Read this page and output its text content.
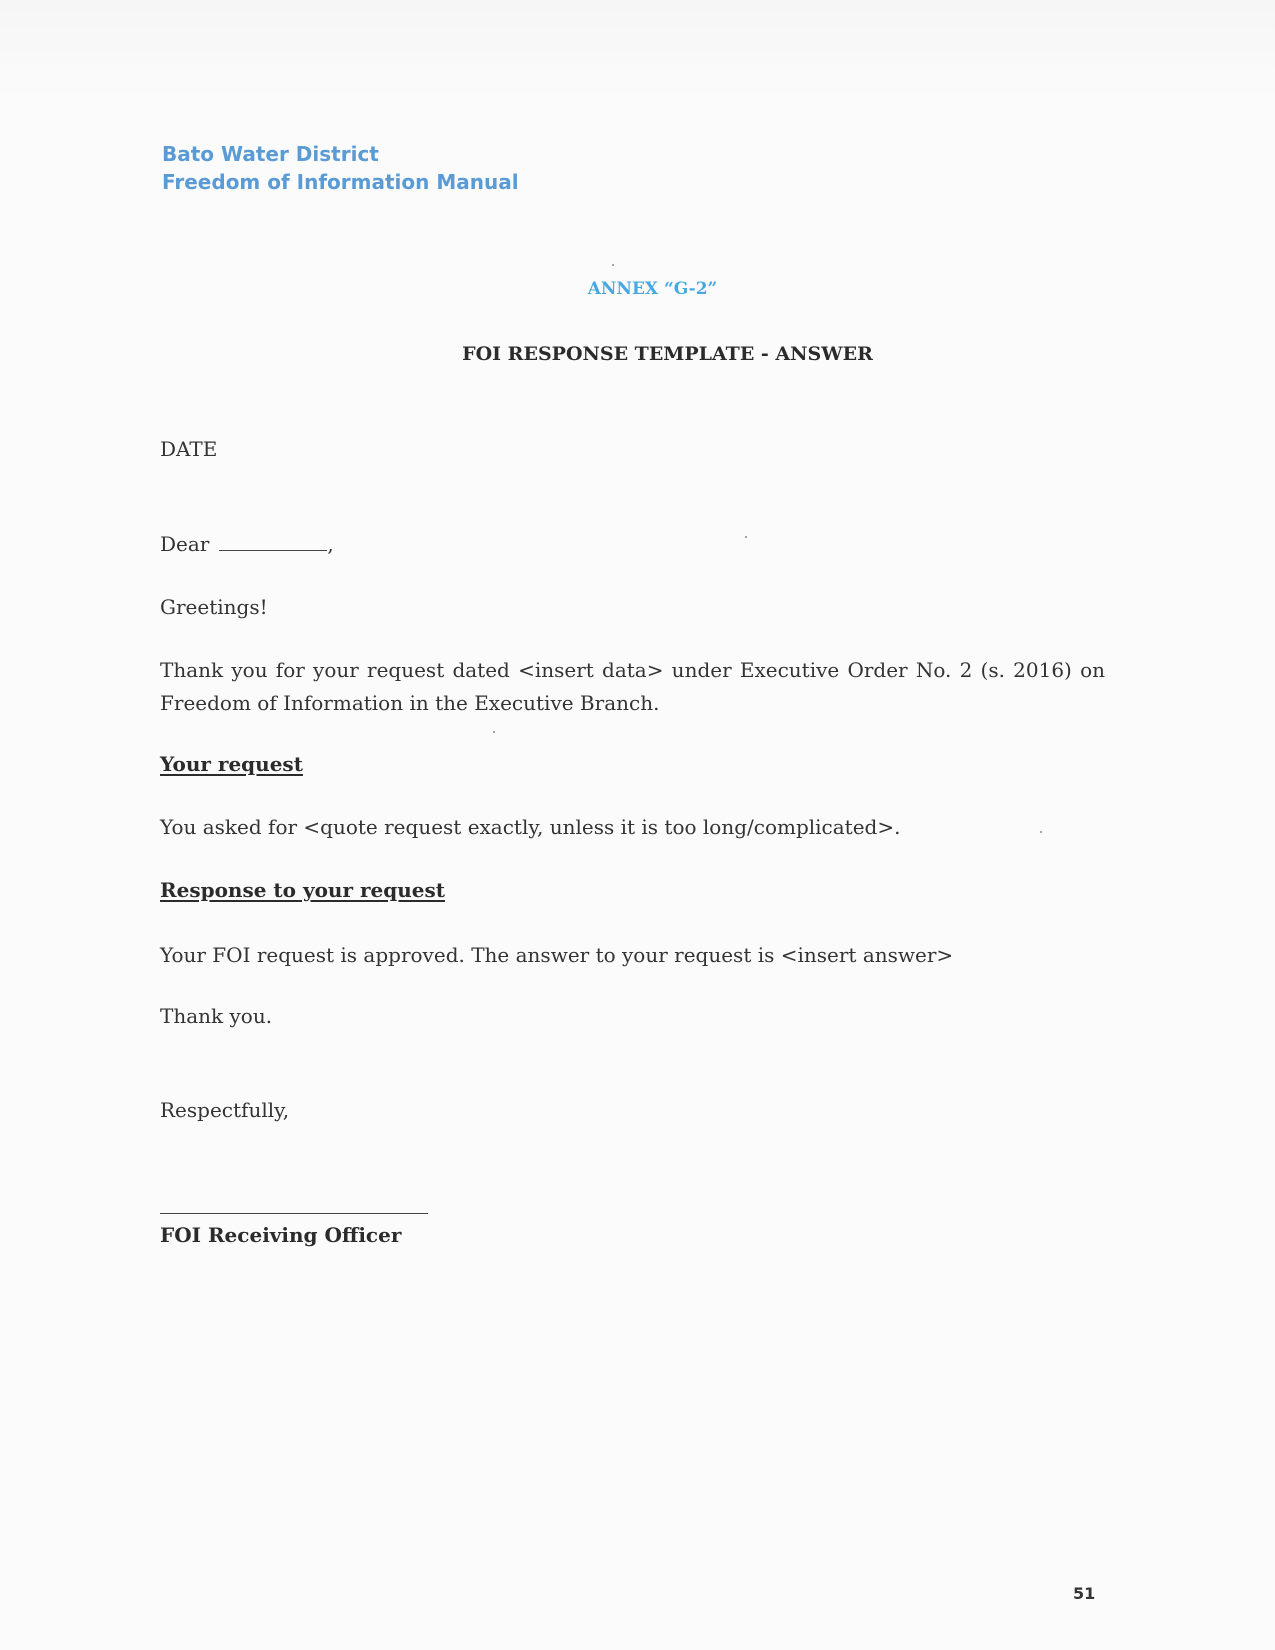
Bato Water District
Freedom of Information Manual
ANNEX “G-2”
FOI RESPONSE TEMPLATE - ANSWER
DATE
Dear	,
Greetings!
Thank you for your request dated <insert data> under Executive Order No. 2 (s. 2016) on Freedom of Information in the Executive Branch.
Your request
You asked for <quote request exactly, unless it is too long/complicated>.
Response to your request
Your FOI request is approved. The answer to your request is <insert answer>
Thank you.
Respectfully,
FOI Receiving Officer
51
